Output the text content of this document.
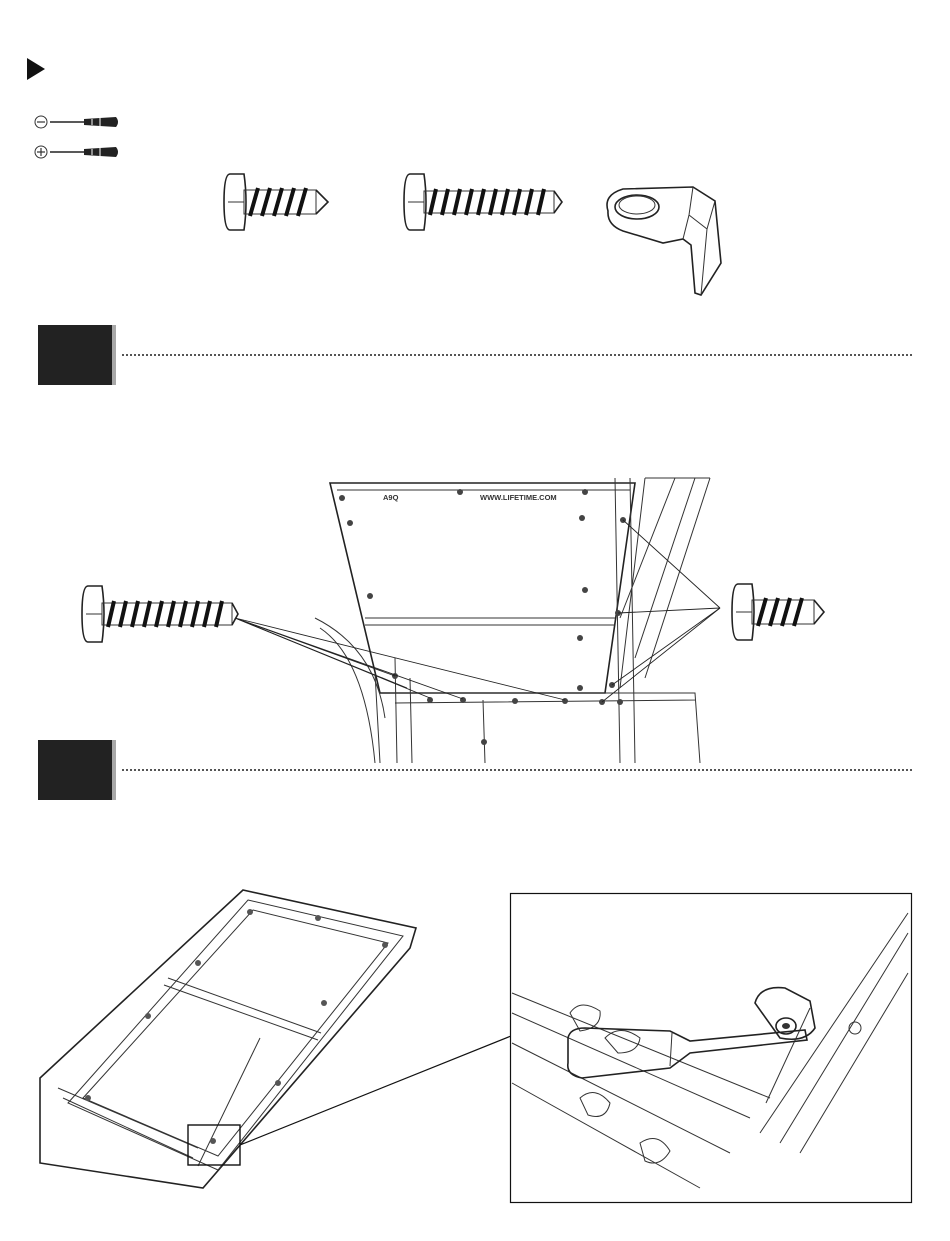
A9Q	WWW.LIFETIME.COM
